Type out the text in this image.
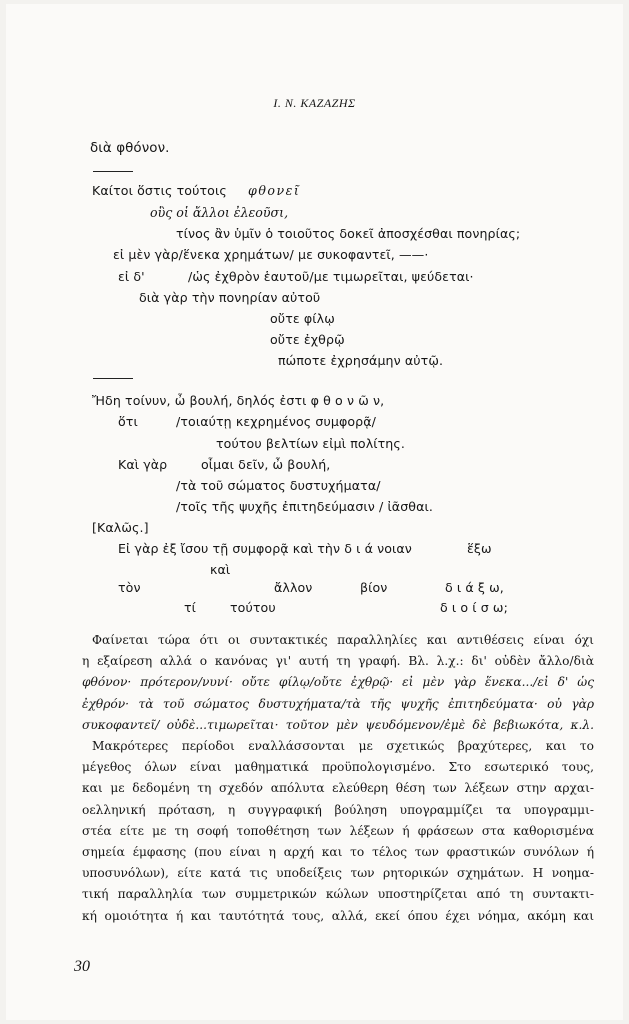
Ι. Ν. ΚΑΖΑΖΗΣ
διὰ φθόνον.
Καίτοι ὅστις τούτοις φθονεῖ
οὓς οἱ ἄλλοι ἐλεοῦσι,
τίνος ἂν ὑμῖν ὁ τοιοῦτος δοκεῖ ἀποσχέσθαι πονηρίας;
εἰ μὲν γὰρ/ἕνεκα χρημάτων/ με συκοφαντεῖ, ——·
εἰ δ'	/ὡς ἐχθρὸν ἑαυτοῦ/με τιμωρεῖται, ψεύδεται·
διὰ γὰρ τὴν πονηρίαν αὐτοῦ
οὔτε φίλῳ
οὔτε ἐχθρῷ
πώποτε ἐχρησάμην αὐτῷ.
Ἤδη τοίνυν, ὦ βουλή, δηλός ἐστι φ θ ο ν ῶ ν,
ὅτι	/τοιαύτῃ κεχρημένος συμφορᾷ/
τούτου βελτίων εἰμὶ πολίτης.
Καὶ γὰρ	οἶμαι δεῖν, ὦ βουλή,
/τὰ τοῦ σώματος δυστυχήματα/
/τοῖς τῆς ψυχῆς ἐπιτηδεύμασιν / ἰᾶσθαι.
[Καλῶς.]
Εἰ γὰρ ἐξ ἴσου τῇ συμφορᾷ καὶ τὴν δ ι ά νοιαν	ἕξω
καὶ
τὸν	ἄλλον	βίον	δ ι ά ξ ω,
τί	τούτου	δ ι ο ί σ ω;
Φαίνεται τώρα ότι οι συντακτικές παραλληλίες και αντιθέσεις είναι όχι
η εξαίρεση αλλά ο κανόνας γι' αυτή τη γραφή. Βλ. λ.χ.: δι' οὐδὲν ἄλλο/διὰ
φθόνον· πρότερον/νυνί· οὔτε φίλῳ/οὔτε ἐχθρῷ· εἰ μὲν γὰρ ἕνεκα.../εἰ δ' ὡς
ἐχθρόν· τὰ τοῦ σώματος δυστυχήματα/τὰ τῆς ψυχῆς ἐπιτηδεύματα· οὐ γὰρ
συκοφαντεῖ/ οὐδὲ...τιμωρεῖται· τοῦτον μὲν ψευδόμενον/ἐμὲ δὲ βεβιωκότα, κ.λ.
Μακρότερες περίοδοι εναλλάσσονται με σχετικώς βραχύτερες, και το
μέγεθος όλων είναι μαθηματικά προϋπολογισμένο. Στο εσωτερικό τους,
και με δεδομένη τη σχεδόν απόλυτα ελεύθερη θέση των λέξεων στην αρχαι-
οελληνική πρόταση, η συγγραφική βούληση υπογραμμίζει τα υπογραμμι-
στέα είτε με τη σοφή τοποθέτηση των λέξεων ή φράσεων στα καθορισμένα
σημεία έμφασης (που είναι η αρχή και το τέλος των φραστικών συνόλων ή
υποσυνόλων), είτε κατά τις υποδείξεις των ρητορικών σχημάτων. Η νοημα-
τική παραλληλία των συμμετρικών κώλων υποστηρίζεται από τη συντακτι-
κή ομοιότητα ή και ταυτότητά τους, αλλά, εκεί όπου έχει νόημα, ακόμη και
30
